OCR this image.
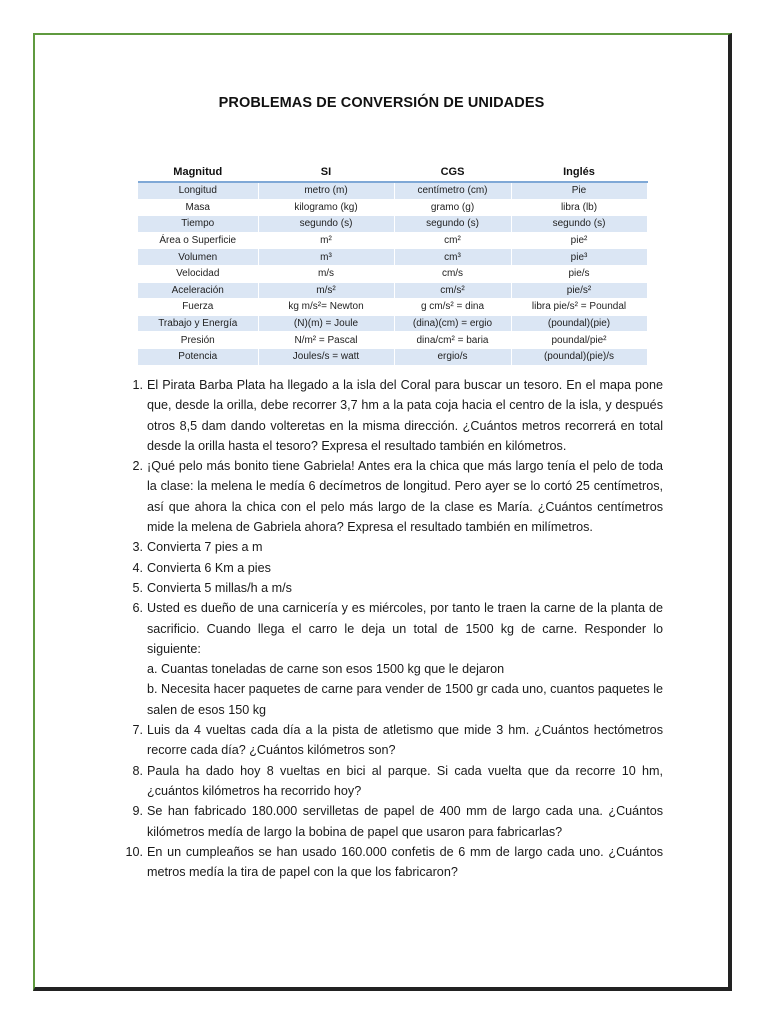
PROBLEMAS DE CONVERSIÓN DE UNIDADES
Magnitud	SI	CGS	Inglés
Longitud	metro (m)	centímetro (cm)	Pie
Masa	kilogramo (kg)	gramo (g)	libra (lb)
Tiempo	segundo (s)	segundo (s)	segundo (s)
Área o Superficie	m²	cm²	pie²
Volumen	m³	cm³	pie³
Velocidad	m/s	cm/s	pie/s
Aceleración	m/s²	cm/s²	pie/s²
Fuerza	kg m/s²= Newton	g cm/s² = dina	libra pie/s² = Poundal
Trabajo y Energía	(N)(m) = Joule	(dina)(cm) = ergio	(poundal)(pie)
Presión	N/m² = Pascal	dina/cm² = baria	poundal/pie²
Potencia	Joules/s = watt	ergio/s	(poundal)(pie)/s
1. El Pirata Barba Plata ha llegado a la isla del Coral para buscar un tesoro. En el mapa pone que, desde la orilla, debe recorrer 3,7 hm a la pata coja hacia el centro de la isla, y después otros 8,5 dam dando volteretas en la misma dirección. ¿Cuántos metros recorrerá en total desde la orilla hasta el tesoro? Expresa el resultado también en kilómetros.
2. ¡Qué pelo más bonito tiene Gabriela! Antes era la chica que más largo tenía el pelo de toda la clase: la melena le medía 6 decímetros de longitud. Pero ayer se lo cortó 25 centímetros, así que ahora la chica con el pelo más largo de la clase es María. ¿Cuántos centímetros mide la melena de Gabriela ahora? Expresa el resultado también en milímetros.
3. Convierta 7 pies a m
4. Convierta 6 Km a pies
5. Convierta 5 millas/h a m/s
6. Usted es dueño de una carnicería y es miércoles, por tanto le traen la carne de la planta de sacrificio. Cuando llega el carro le deja un total de 1500 kg de carne. Responder lo siguiente:
a. Cuantas toneladas de carne son esos 1500 kg que le dejaron
b. Necesita hacer paquetes de carne para vender de 1500 gr cada uno, cuantos paquetes le salen de esos 150 kg
7. Luis da 4 vueltas cada día a la pista de atletismo que mide 3 hm. ¿Cuántos hectómetros recorre cada día? ¿Cuántos kilómetros son?
8. Paula ha dado hoy 8 vueltas en bici al parque. Si cada vuelta que da recorre 10 hm, ¿cuántos kilómetros ha recorrido hoy?
9. Se han fabricado 180.000 servilletas de papel de 400 mm de largo cada una. ¿Cuántos kilómetros medía de largo la bobina de papel que usaron para fabricarlas?
10. En un cumpleaños se han usado 160.000 confetis de 6 mm de largo cada uno. ¿Cuántos metros medía la tira de papel con la que los fabricaron?
